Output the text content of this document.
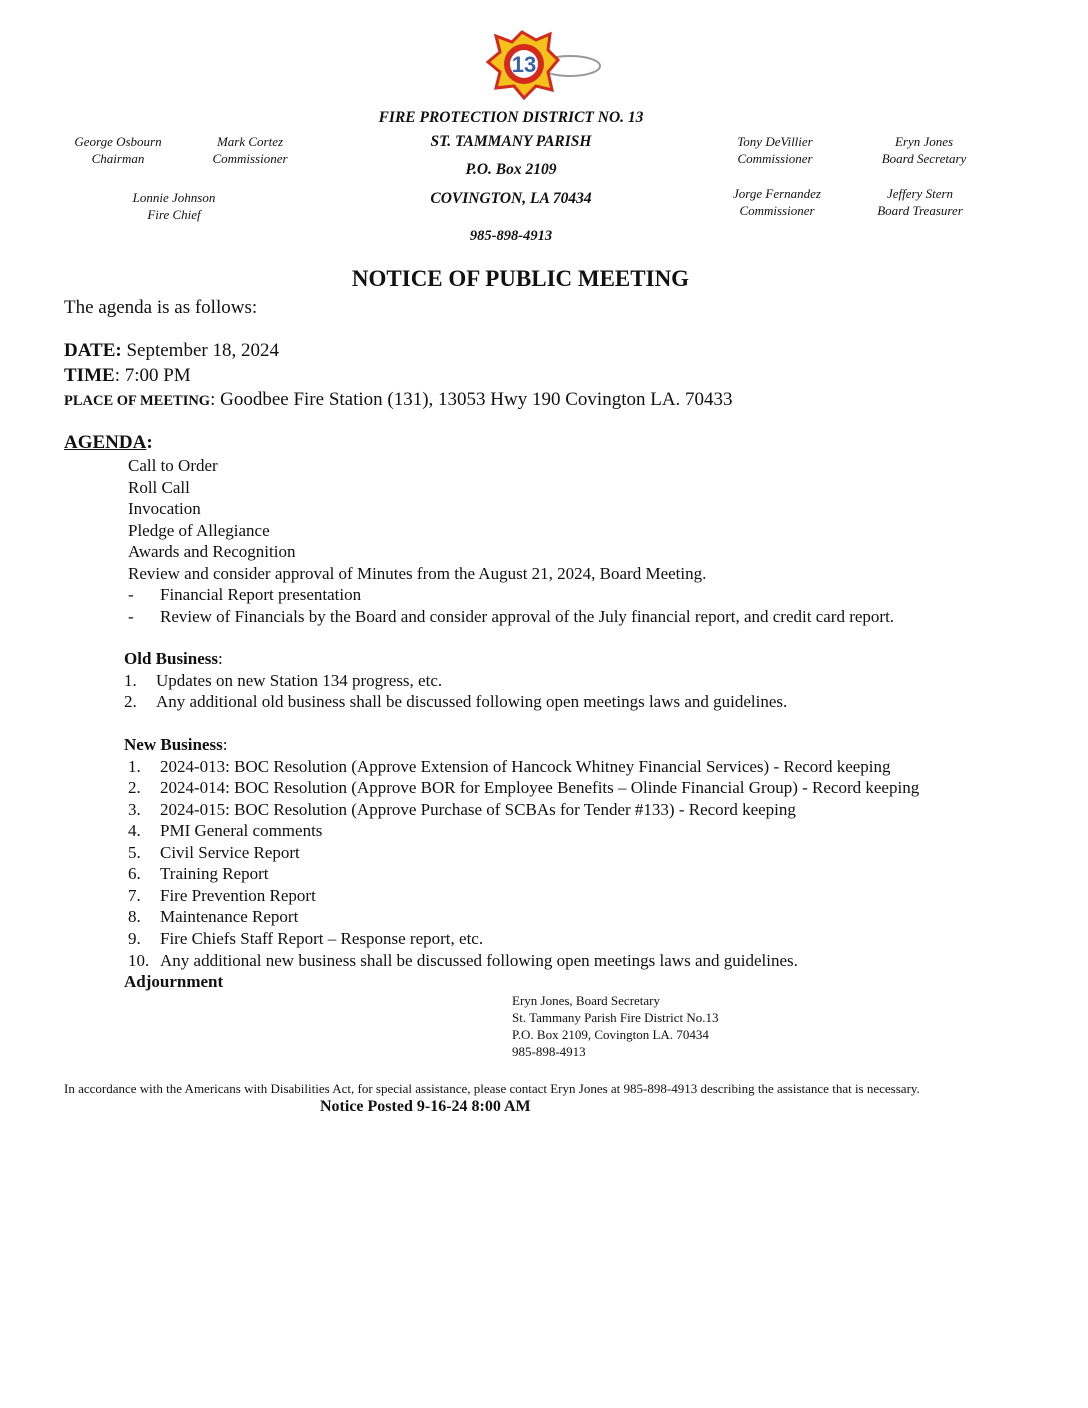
13
FIRE PROTECTION DISTRICT NO. 13
ST. TAMMANY PARISH
P.O. Box 2109
COVINGTON, LA 70434
985-898-4913
George Osbourn
Chairman
Mark Cortez
Commissioner
Lonnie Johnson
Fire Chief
Tony DeVillier
Commissioner
Eryn Jones
Board Secretary
Jorge Fernandez
Commissioner
Jeffery Stern
Board Treasurer
NOTICE OF PUBLIC MEETING
The agenda is as follows:
DATE: September 18, 2024
TIME: 7:00 PM
PLACE OF MEETING: Goodbee Fire Station (131), 13053 Hwy 190 Covington LA. 70433
AGENDA:
Call to Order
Roll Call
Invocation
Pledge of Allegiance
Awards and Recognition
Review and consider approval of Minutes from the August 21, 2024, Board Meeting.
- Financial Report presentation
- Review of Financials by the Board and consider approval of the July financial report, and credit card report.
Old Business:
1. Updates on new Station 134 progress, etc.
2. Any additional old business shall be discussed following open meetings laws and guidelines.
New Business:
1. 2024-013: BOC Resolution (Approve Extension of Hancock Whitney Financial Services) - Record keeping
2. 2024-014: BOC Resolution (Approve BOR for Employee Benefits – Olinde Financial Group) - Record keeping
3. 2024-015: BOC Resolution (Approve Purchase of SCBAs for Tender #133) - Record keeping
4. PMI General comments
5. Civil Service Report
6. Training Report
7. Fire Prevention Report
8. Maintenance Report
9. Fire Chiefs Staff Report – Response report, etc.
10. Any additional new business shall be discussed following open meetings laws and guidelines.
Adjournment
Eryn Jones, Board Secretary
St. Tammany Parish Fire District No.13
P.O. Box 2109, Covington LA. 70434
985-898-4913
In accordance with the Americans with Disabilities Act, for special assistance, please contact Eryn Jones at 985-898-4913 describing the assistance that is necessary.
Notice Posted 9-16-24 8:00 AM
